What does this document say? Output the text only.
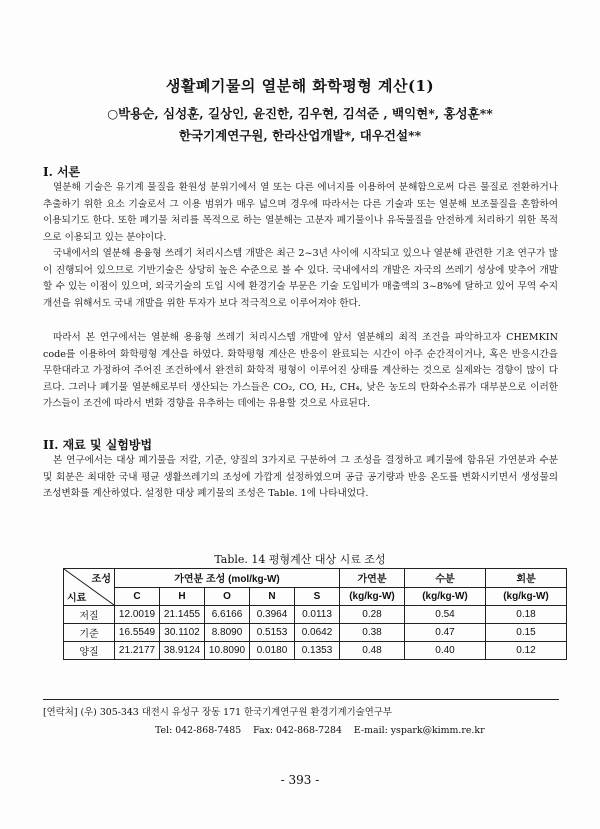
생활폐기물의 열분해 화학평형 계산(1)
○박용순, 심성훈, 길상인, 윤진한, 김우현, 김석준 , 백익현*, 홍성훈**
한국기계연구원, 한라산업개발*, 대우건설**
I. 서론
열분해 기술은 유기계 물질을 환원성 분위기에서 열 또는 다른 에너지를 이용하여 분해함으로써 다른 물질로 전환하거나 추출하기 위한 요소 기술로서 그 이용 범위가 매우 넓으며 경우에 따라서는 다른 기술과 또는 열분해 보조물질을 혼합하여 이용되기도 한다. 또한 폐기물 처리를 목적으로 하는 열분해는 고분자 폐기물이나 유독물질을 안전하게 처리하기 위한 목적으로 이용되고 있는 분야이다.
국내에서의 열분해 용융형 쓰레기 처리시스템 개발은 최근 2~3년 사이에 시작되고 있으나 열분해 관련한 기초 연구가 많이 진행되어 있으므로 기반기술은 상당히 높은 수준으로 볼 수 있다. 국내에서의 개발은 자국의 쓰레기 성상에 맞추어 개발할 수 있는 이점이 있으며, 외국기술의 도입 시에 환경기술 부문은 기술 도입비가 매출액의 3~8%에 달하고 있어 무역 수지 개선을 위해서도 국내 개발을 위한 투자가 보다 적극적으로 이루어져야 한다.
따라서 본 연구에서는 열분해 용융형 쓰레기 처리시스템 개발에 앞서 열분해의 최적 조건을 파악하고자 CHEMKIN code를 이용하여 화학평형 계산을 하였다. 화학평형 계산은 반응이 완료되는 시간이 아주 순간적이거나, 혹은 반응시간을 무한대라고 가정하여 주어진 조건하에서 완전히 화학적 평형이 이루어진 상태를 계산하는 것으로 실제와는 경향이 많이 다르다. 그러나 폐기물 열분해로부터 생산되는 가스들은 CO₂, CO, H₂, CH₄, 낮은 농도의 탄화수소류가 대부분으로 이러한 가스들이 조건에 따라서 변화 경향을 유추하는 데에는 유용할 것으로 사료된다.
II. 재료 및 실험방법
본 연구에서는 대상 폐기물을 저칼, 기준, 양질의 3가지로 구분하여 그 조성을 결정하고 폐기물에 함유된 가연분과 수분 및 회분은 최대한 국내 평균 생활쓰레기의 조성에 가깝게 설정하였으며 공급 공기량과 반응 온도를 변화시키면서 생성물의 조성변화를 계산하였다. 설정한 대상 폐기물의 조성은 Table. 1에 나타내었다.
Table. 14 평형계산 대상 시료 조성
조성
시료	가연분 조성 (mol/kg-W)					가연분	수분	회분
	C	H	O	N	S	(kg/kg-W)	(kg/kg-W)	(kg/kg-W)
저질	12.0019	21.1455	6.6166	0.3964	0.0113	0.28	0.54	0.18
기준	16.5549	30.1102	8.8090	0.5153	0.0642	0.38	0.47	0.15
양질	21.2177	38.9124	10.8090	0.0180	0.1353	0.48	0.40	0.12
[연락처] (우) 305-343 대전시 유성구 장동 171 한국기계연구원 환경기계기술연구부
Tel: 042-868-7485 Fax: 042-868-7284 E-mail: yspark@kimm.re.kr
- 393 -
